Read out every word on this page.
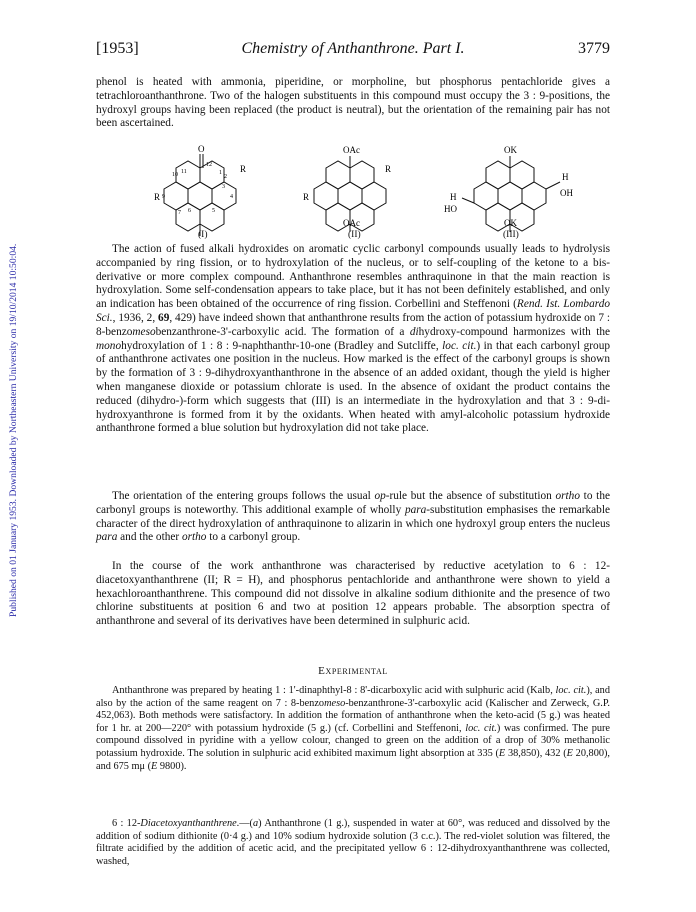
Published on 01 January 1953. Downloaded by Northeastern University on 19/10/2014 10:50:04.
[1953]	Chemistry of Anthanthrone. Part I.	3779

phenol is heated with ammonia, piperidine, or morpholine, but phosphorus pentachloride gives a tetrachloroanthanthrone. Two of the halogen substituents in this compound must occupy the 3 : 9-positions, the hydroxyl groups having been replaced (the product is neutral), but the orientation of the remaining pair has not been ascertained.

O
R
R
11
12
10	1
2
3
9	4
7 6	5
(I)
OAc
R
R
OAc
(II)
OK
H
OH
H
HO
OK
(III)

The action of fused alkali hydroxides on aromatic cyclic carbonyl compounds usually leads to hydrolysis accompanied by ring fission, or to hydroxylation of the nucleus, or to self-coupling of the ketone to a bis-derivative or more complex compound. Anthanthrone resembles anthraquinone in that the main reaction is hydroxylation. Some self-condensation appears to take place, but it has not been definitely established, and only an indication has been obtained of the occurrence of ring fission. Corbellini and Steffenoni (Rend. Ist. Lombardo Sci., 1936, 2, 69, 429) have indeed shown that anthanthrone results from the action of potassium hydroxide on 7 : 8-benzomesobenzanthrone-3'-carboxylic acid. The formation of a dihydroxy-compound harmonizes with the monohydroxylation of 1 : 8 : 9-naphthanthr-10-one (Bradley and Sutcliffe, loc. cit.) in that each carbonyl group of anthanthrone activates one position in the nucleus. How marked is the effect of the carbonyl groups is shown by the formation of 3 : 9-dihydroxyanthanthrone in the absence of an added oxidant, though the yield is higher when manganese dioxide or potassium chlorate is used. In the absence of oxidant the product contains the reduced (dihydro-)-form which suggests that (III) is an intermediate in the hydroxylation and that 3 : 9-di-hydroxyanthrone is formed from it by the oxidants. When heated with amyl-alcoholic potassium hydroxide anthanthrone formed a blue solution but hydroxylation did not take place.

The orientation of the entering groups follows the usual op-rule but the absence of substitution ortho to the carbonyl groups is noteworthy. This additional example of wholly para-substitution emphasises the remarkable character of the direct hydroxylation of anthraquinone to alizarin in which one hydroxyl group enters the nucleus para and the other ortho to a carbonyl group.

In the course of the work anthanthrone was characterised by reductive acetylation to 6 : 12-diacetoxyanthanthrene (II; R = H), and phosphorus pentachloride and anthanthrone were shown to yield a hexachloroanthanthrene. This compound did not dissolve in alkaline sodium dithionite and the presence of two chlorine substituents at position 6 and two at position 12 appears probable. The absorption spectra of anthanthrone and several of its derivatives have been determined in sulphuric acid.

Experimental

Anthanthrone was prepared by heating 1 : 1'-dinaphthyl-8 : 8'-dicarboxylic acid with sulphuric acid (Kalb, loc. cit.), and also by the action of the same reagent on 7 : 8-benzomeso-benzanthrone-3'-carboxylic acid (Kalischer and Zerweck, G.P. 452,063). Both methods were satisfactory. In addition the formation of anthanthrone when the keto-acid (5 g.) was heated for 1 hr. at 200—220° with potassium hydroxide (5 g.) (cf. Corbellini and Steffenoni, loc. cit.) was confirmed. The pure compound dissolved in pyridine with a yellow colour, changed to green on the addition of a drop of 30% methanolic potassium hydroxide. The solution in sulphuric acid exhibited maximum light absorption at 335 (E 38,850), 432 (E 20,800), and 675 mμ (E 9800).

6 : 12-Diacetoxyanthanthrene.—(a) Anthanthrone (1 g.), suspended in water at 60°, was reduced and dissolved by the addition of sodium dithionite (0·4 g.) and 10% sodium hydroxide solution (3 c.c.). The red-violet solution was filtered, the filtrate acidified by the addition of acetic acid, and the precipitated yellow 6 : 12-dihydroxyanthanthrene was collected, washed,
